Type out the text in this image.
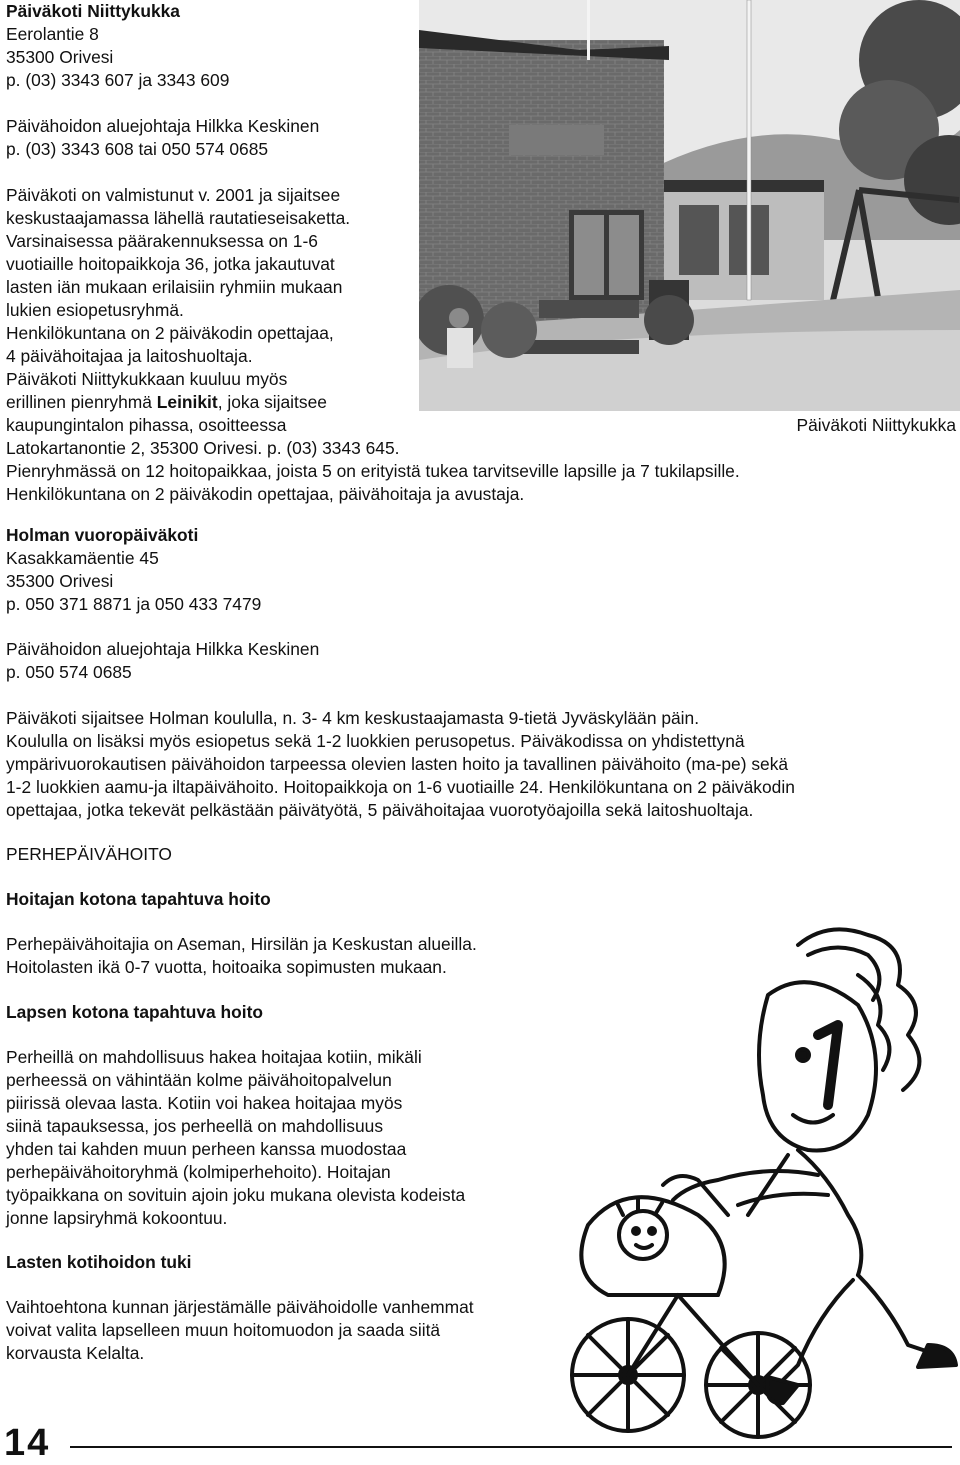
Päiväkoti Niittykukka

Päiväkoti Niittykukka

Eerolantie 8

35300 Orivesi

p. (03) 3343 607 ja 3343 609

Päivähoidon aluejohtaja Hilkka Keskinen

p. (03) 3343 608 tai 050 574 0685

Päiväkoti on valmistunut v. 2001 ja sijaitsee

keskustaajamassa lähellä rautatieseisaketta.

Varsinaisessa päärakennuksessa on 1-6

vuotiaille hoitopaikkoja 36, jotka jakautuvat

lasten iän mukaan erilaisiin ryhmiin mukaan

lukien esiopetusryhmä.

Henkilökuntana on 2 päiväkodin opettajaa,

4 päivähoitajaa ja laitoshuoltaja.

Päiväkoti Niittykukkaan kuuluu myös

erillinen pienryhmä Leinikit, joka sijaitsee

kaupungintalon pihassa, osoitteessa

Latokartanontie 2, 35300 Orivesi. p. (03) 3343 645.

Pienryhmässä on 12 hoitopaikkaa, joista 5 on erityistä tukea tarvitseville lapsille ja 7 tukilapsille.

Henkilökuntana on 2 päiväkodin opettajaa, päivähoitaja ja avustaja.

Holman vuoropäiväkoti

Kasakkamäentie 45

35300 Orivesi

p. 050 371 8871 ja 050 433 7479

Päivähoidon aluejohtaja Hilkka Keskinen

p. 050 574 0685

Päiväkoti sijaitsee Holman koululla, n. 3- 4 km keskustaajamasta 9-tietä Jyväskylään päin.

Koululla on lisäksi myös esiopetus sekä 1-2 luokkien perusopetus. Päiväkodissa on yhdistettynä

ympärivuorokautisen päivähoidon tarpeessa olevien lasten hoito ja tavallinen päivähoito (ma-pe) sekä

1-2 luokkien aamu-ja iltapäivähoito. Hoitopaikkoja on 1-6 vuotiaille 24. Henkilökuntana on 2 päiväkodin

opettajaa, jotka tekevät pelkästään päivätyötä, 5 päivähoitajaa vuorotyöajoilla sekä laitoshuoltaja.

PERHEPÄIVÄHOITO

Hoitajan kotona tapahtuva hoito

Perhepäivähoitajia on Aseman, Hirsilän ja Keskustan alueilla.

Hoitolasten ikä 0-7 vuotta, hoitoaika sopimusten mukaan.

Lapsen kotona tapahtuva hoito

Perheillä on mahdollisuus hakea hoitajaa kotiin, mikäli

perheessä on vähintään kolme päivähoitopalvelun

piirissä olevaa lasta. Kotiin voi hakea hoitajaa myös

siinä tapauksessa, jos perheellä on mahdollisuus

yhden tai kahden muun perheen kanssa muodostaa

perhepäivähoitoryhmä (kolmiperhehoito). Hoitajan

työpaikkana on sovituin ajoin joku mukana olevista kodeista

jonne lapsiryhmä kokoontuu.

Lasten kotihoidon tuki

Vaihtoehtona kunnan järjestämälle päivähoidolle vanhemmat

voivat valita lapselleen muun hoitomuodon ja saada siitä

korvausta Kelalta.

14
